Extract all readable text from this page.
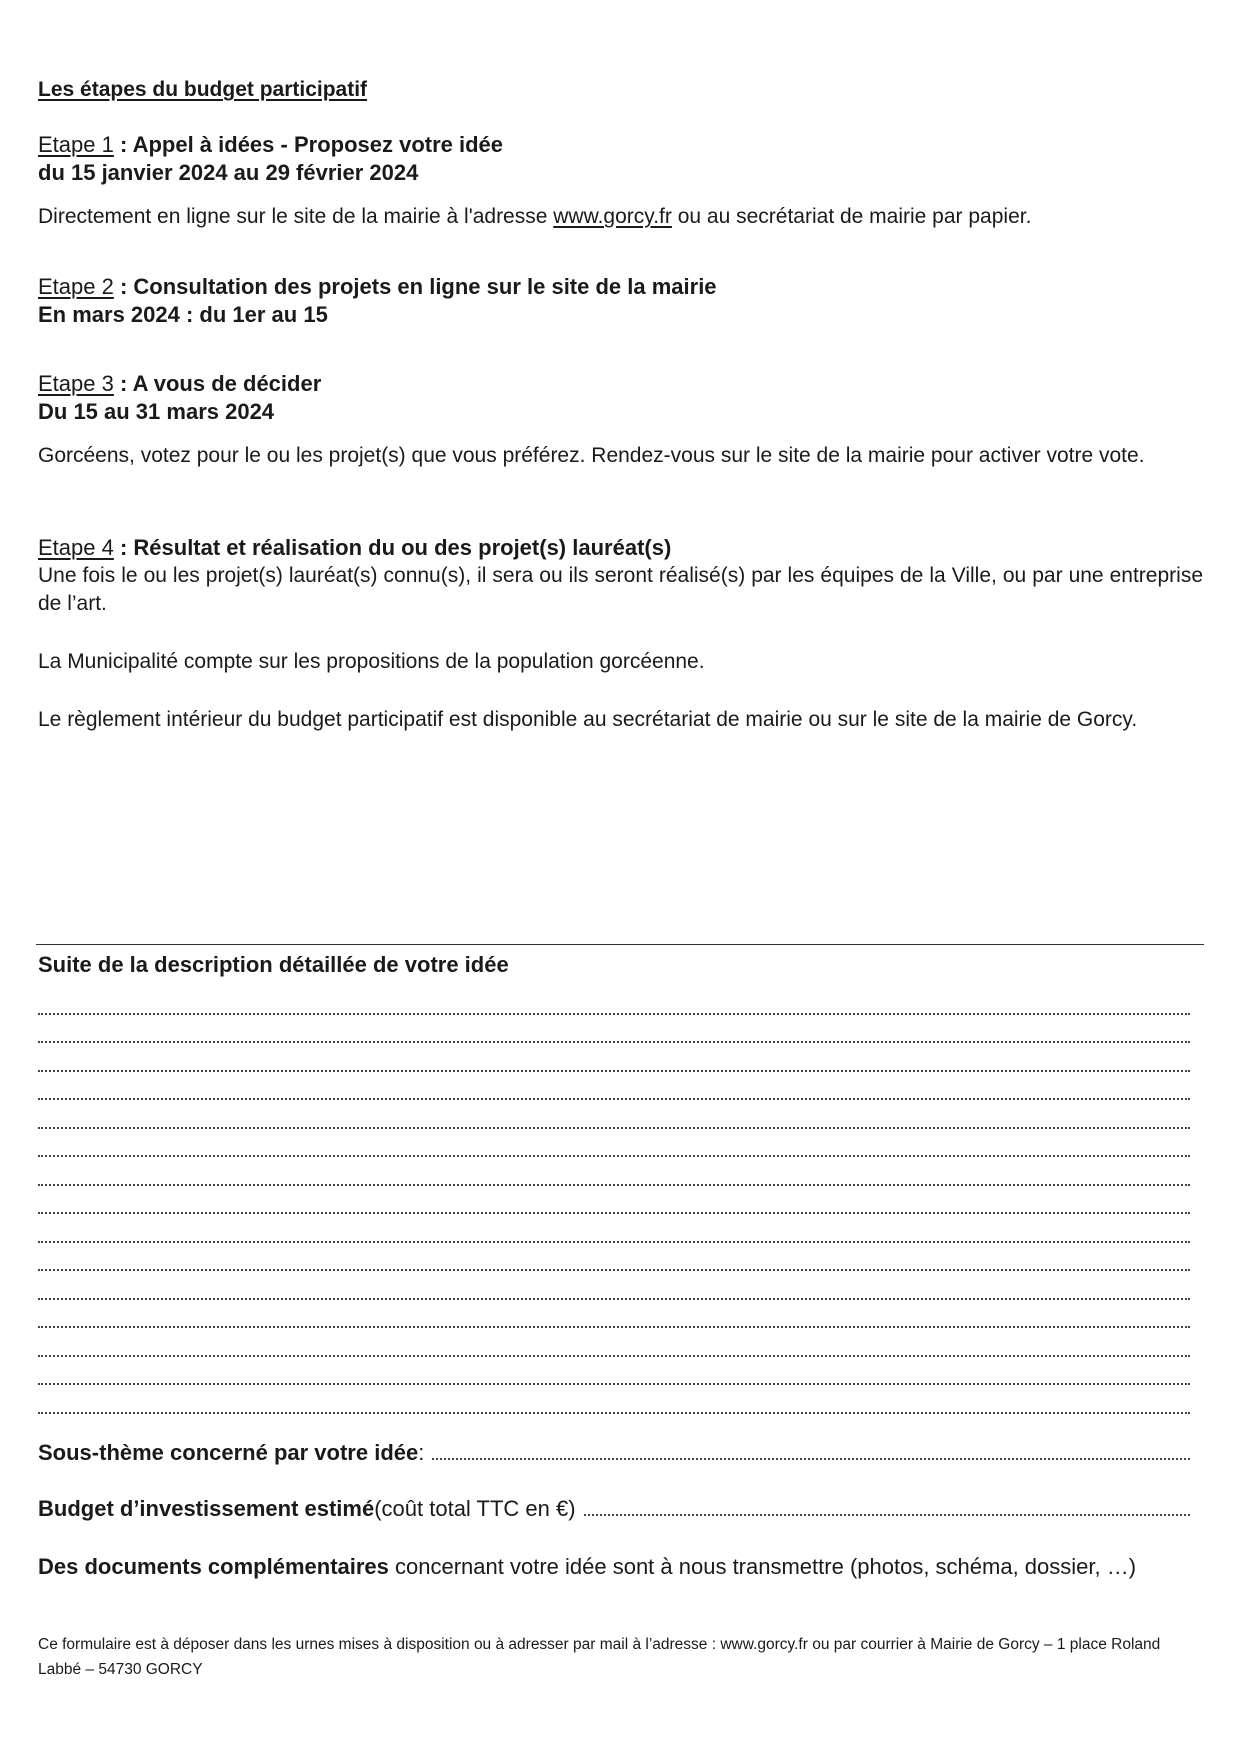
Les étapes du budget participatif
Etape 1 : Appel à idées - Proposez votre idée
du 15 janvier 2024 au 29 février 2024

Directement en ligne sur le site de la mairie à l'adresse www.gorcy.fr ou au secrétariat de mairie par papier.

Etape 2 : Consultation des projets en ligne sur le site de la mairie
En mars 2024 : du 1er au 15
Etape 3 : A vous de décider
Du 15 au 31 mars 2024

Gorcéens, votez pour le ou les projet(s) que vous préférez. Rendez-vous sur le site de la mairie pour activer votre vote.

Etape 4 : Résultat et réalisation du ou des projet(s) lauréat(s)

Une fois le ou les projet(s) lauréat(s) connu(s), il sera ou ils seront réalisé(s) par les équipes de la Ville, ou par une entreprise de l’art.

La Municipalité compte sur les propositions de la population gorcéenne.

Le règlement intérieur du budget participatif est disponible au secrétariat de mairie ou sur le site de la mairie de Gorcy.

Suite de la description détaillée de votre idée
Sous-thème concerné par votre idée :
Budget d’investissement estimé (coût total TTC en €)
Des documents complémentaires concernant votre idée sont à nous transmettre (photos, schéma, dossier, …)
Ce formulaire est à déposer dans les urnes mises à disposition ou à adresser par mail à l’adresse : www.gorcy.fr ou par courrier à Mairie de Gorcy – 1 place Roland Labbé – 54730 GORCY
